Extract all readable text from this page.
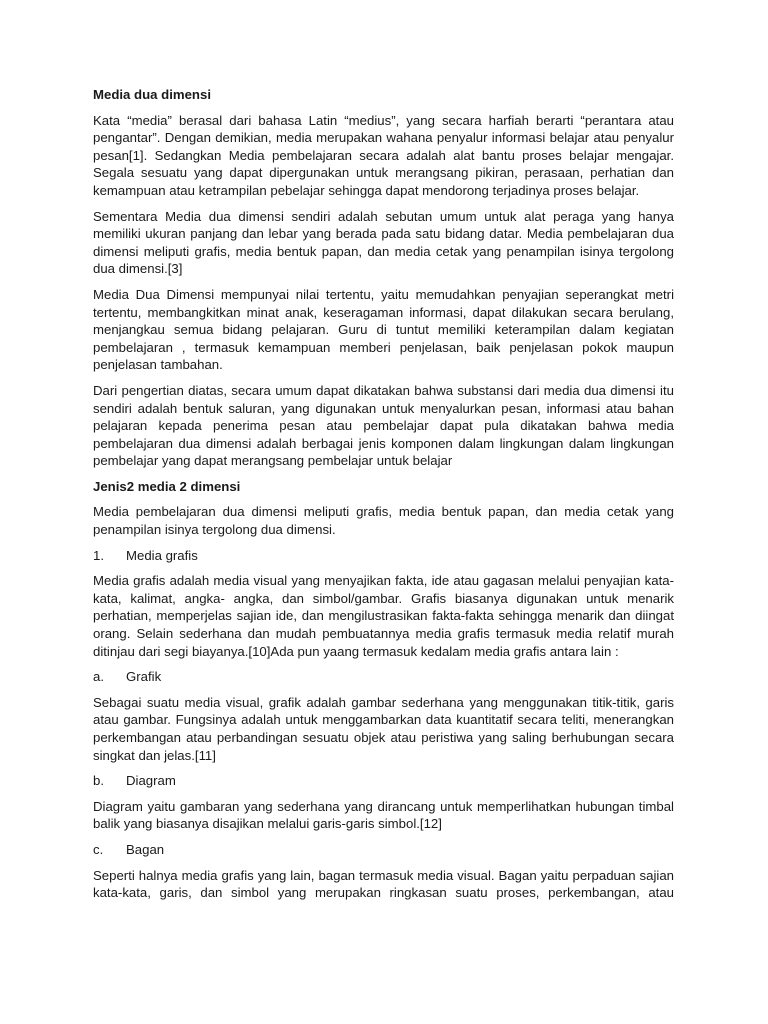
Media dua dimensi

Kata “media” berasal dari bahasa Latin “medius”, yang secara harfiah berarti “perantara atau pengantar”. Dengan demikian, media merupakan wahana penyalur informasi belajar atau penyalur pesan[1]. Sedangkan Media pembelajaran secara adalah alat bantu proses belajar mengajar. Segala sesuatu yang dapat dipergunakan untuk merangsang pikiran, perasaan, perhatian dan kemampuan atau ketrampilan pebelajar sehingga dapat mendorong terjadinya proses belajar.

Sementara Media dua dimensi sendiri adalah sebutan umum untuk alat peraga yang hanya memiliki ukuran panjang dan lebar yang berada pada satu bidang datar. Media pembelajaran dua dimensi meliputi grafis, media bentuk papan, dan media cetak yang penampilan isinya tergolong dua dimensi.[3]

Media Dua Dimensi mempunyai nilai tertentu, yaitu memudahkan penyajian seperangkat metri tertentu, membangkitkan minat anak, keseragaman informasi, dapat dilakukan secara berulang, menjangkau semua bidang pelajaran. Guru di tuntut memiliki keterampilan dalam kegiatan pembelajaran , termasuk kemampuan memberi penjelasan, baik penjelasan pokok maupun penjelasan tambahan.

Dari pengertian diatas, secara umum dapat dikatakan bahwa substansi dari media dua dimensi itu sendiri adalah bentuk saluran, yang digunakan untuk menyalurkan pesan, informasi atau bahan pelajaran kepada penerima pesan atau pembelajar dapat pula dikatakan bahwa media pembelajaran dua dimensi adalah berbagai jenis komponen dalam lingkungan dalam lingkungan pembelajar yang dapat merangsang pembelajar untuk belajar

Jenis2 media 2 dimensi

Media pembelajaran dua dimensi meliputi grafis, media bentuk papan, dan media cetak yang penampilan isinya tergolong dua dimensi.

1.	Media grafis

Media grafis adalah media visual yang menyajikan fakta, ide atau gagasan melalui penyajian kata-kata, kalimat, angka- angka, dan simbol/gambar. Grafis biasanya digunakan untuk menarik perhatian, memperjelas sajian ide, dan mengilustrasikan fakta-fakta sehingga menarik dan diingat orang. Selain sederhana dan mudah pembuatannya media grafis termasuk media relatif murah ditinjau dari segi biayanya.[10]Ada pun yaang termasuk kedalam media grafis antara lain :

a.	Grafik

Sebagai suatu media visual, grafik adalah gambar sederhana yang menggunakan titik-titik, garis atau gambar. Fungsinya adalah untuk menggambarkan data kuantitatif secara teliti, menerangkan perkembangan atau perbandingan sesuatu objek atau peristiwa yang saling berhubungan secara singkat dan jelas.[11]

b.	Diagram

Diagram yaitu gambaran yang sederhana yang dirancang untuk memperlihatkan hubungan timbal balik yang biasanya disajikan melalui garis-garis simbol.[12]

c.	Bagan

Seperti halnya media grafis yang lain, bagan termasuk media visual. Bagan yaitu perpaduan sajian kata-kata, garis, dan simbol yang merupakan ringkasan suatu proses, perkembangan, atau
